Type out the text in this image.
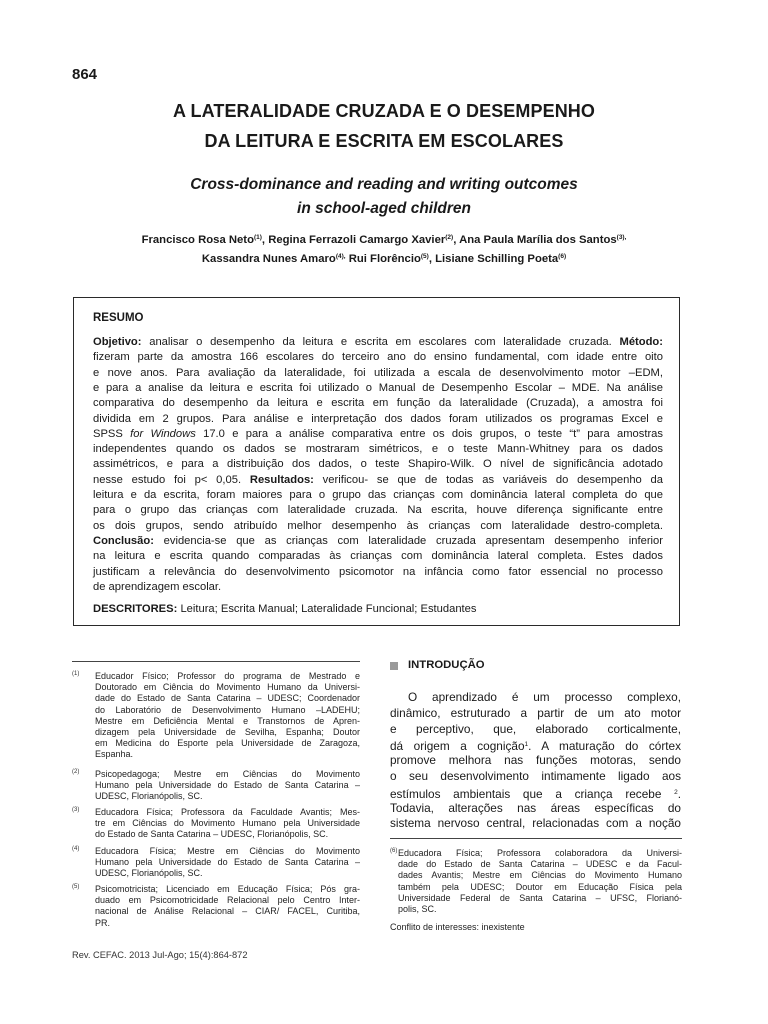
864
A LATERALIDADE CRUZADA E O DESEMPENHO
DA LEITURA E ESCRITA EM ESCOLARES
Cross-dominance and reading and writing outcomes
in school-aged children
Francisco Rosa Neto$^{(1)}$, Regina Ferrazoli Camargo Xavier$^{(2)}$, Ana Paula Marília dos Santos$^{(3),}$
Kassandra Nunes Amaro$^{(4),}$ Rui Florêncio$^{(5)}$, Lisiane Schilling Poeta$^{(6)}$
RESUMO
Objetivo: analisar o desempenho da leitura e escrita em escolares com lateralidade cruzada. Método:
fizeram parte da amostra 166 escolares do terceiro ano do ensino fundamental, com idade entre oito
e nove anos. Para avaliação da lateralidade, foi utilizada a escala de desenvolvimento motor –EDM,
e para a analise da leitura e escrita foi utilizado o Manual de Desempenho Escolar – MDE. Na análise
comparativa do desempenho da leitura e escrita em função da lateralidade (Cruzada), a amostra foi
dividida em 2 grupos. Para análise e interpretação dos dados foram utilizados os programas Excel e
SPSS for Windows 17.0 e para a análise comparativa entre os dois grupos, o teste “t” para amostras
independentes quando os dados se mostraram simétricos, e o teste Mann-Whitney para os dados
assimétricos, e para a distribuição dos dados, o teste Shapiro-Wilk. O nível de significância adotado
nesse estudo foi p< 0,05. Resultados: verificou- se que de todas as variáveis do desempenho da
leitura e da escrita, foram maiores para o grupo das crianças com dominância lateral completa do que
para o grupo das crianças com lateralidade cruzada. Na escrita, houve diferença significante entre
os dois grupos, sendo atribuído melhor desempenho às crianças com lateralidade destro-completa.
Conclusão: evidencia-se que as crianças com lateralidade cruzada apresentam desempenho inferior
na leitura e escrita quando comparadas às crianças com dominância lateral completa. Estes dados
justificam a relevância do desenvolvimento psicomotor na infância como fator essencial no processo
de aprendizagem escolar.
DESCRITORES: Leitura; Escrita Manual; Lateralidade Funcional; Estudantes
(1) Educador Físico; Professor do programa de Mestrado e
Doutorado em Ciência do Movimento Humano da Universi-
dade do Estado de Santa Catarina – UDESC; Coordenador
do Laboratório de Desenvolvimento Humano –LADEHU;
Mestre em Deficiência Mental e Transtornos de Apren-
dizagem pela Universidade de Sevilha, Espanha; Doutor
em Medicina do Esporte pela Universidade de Zaragoza,
Espanha.
(2) Psicopedagoga; Mestre em Ciências do Movimento
Humano pela Universidade do Estado de Santa Catarina –
UDESC, Florianópolis, SC.
(3) Educadora Física; Professora da Faculdade Avantis; Mes-
tre em Ciências do Movimento Humano pela Universidade
do Estado de Santa Catarina – UDESC, Florianópolis, SC.
(4) Educadora Física; Mestre em Ciências do Movimento
Humano pela Universidade do Estado de Santa Catarina –
UDESC, Florianópolis, SC.
(5) Psicomotricista; Licenciado em Educação Física; Pós gra-
duado em Psicomotricidade Relacional pelo Centro Inter-
nacional de Análise Relacional – CIAR/ FACEL, Curitiba,
PR.
INTRODUÇÃO
O aprendizado é um processo complexo,
dinâmico, estruturado a partir de um ato motor
e perceptivo, que, elaborado corticalmente,
dá origem a cognição$^1$. A maturação do córtex
promove melhora nas funções motoras, sendo
o seu desenvolvimento intimamente ligado aos
estímulos ambientais que a criança recebe $^2$.
Todavia, alterações nas áreas específicas do
sistema nervoso central, relacionadas com a noção
(6) Educadora Física; Professora colaboradora da Universi-
dade do Estado de Santa Catarina – UDESC e da Facul-
dades Avantis; Mestre em Ciências do Movimento Humano
também pela UDESC; Doutor em Educação Física pela
Universidade Federal de Santa Catarina – UFSC, Florianó-
polis, SC.
Conflito de interesses: inexistente
Rev. CEFAC. 2013 Jul-Ago; 15(4):864-872
